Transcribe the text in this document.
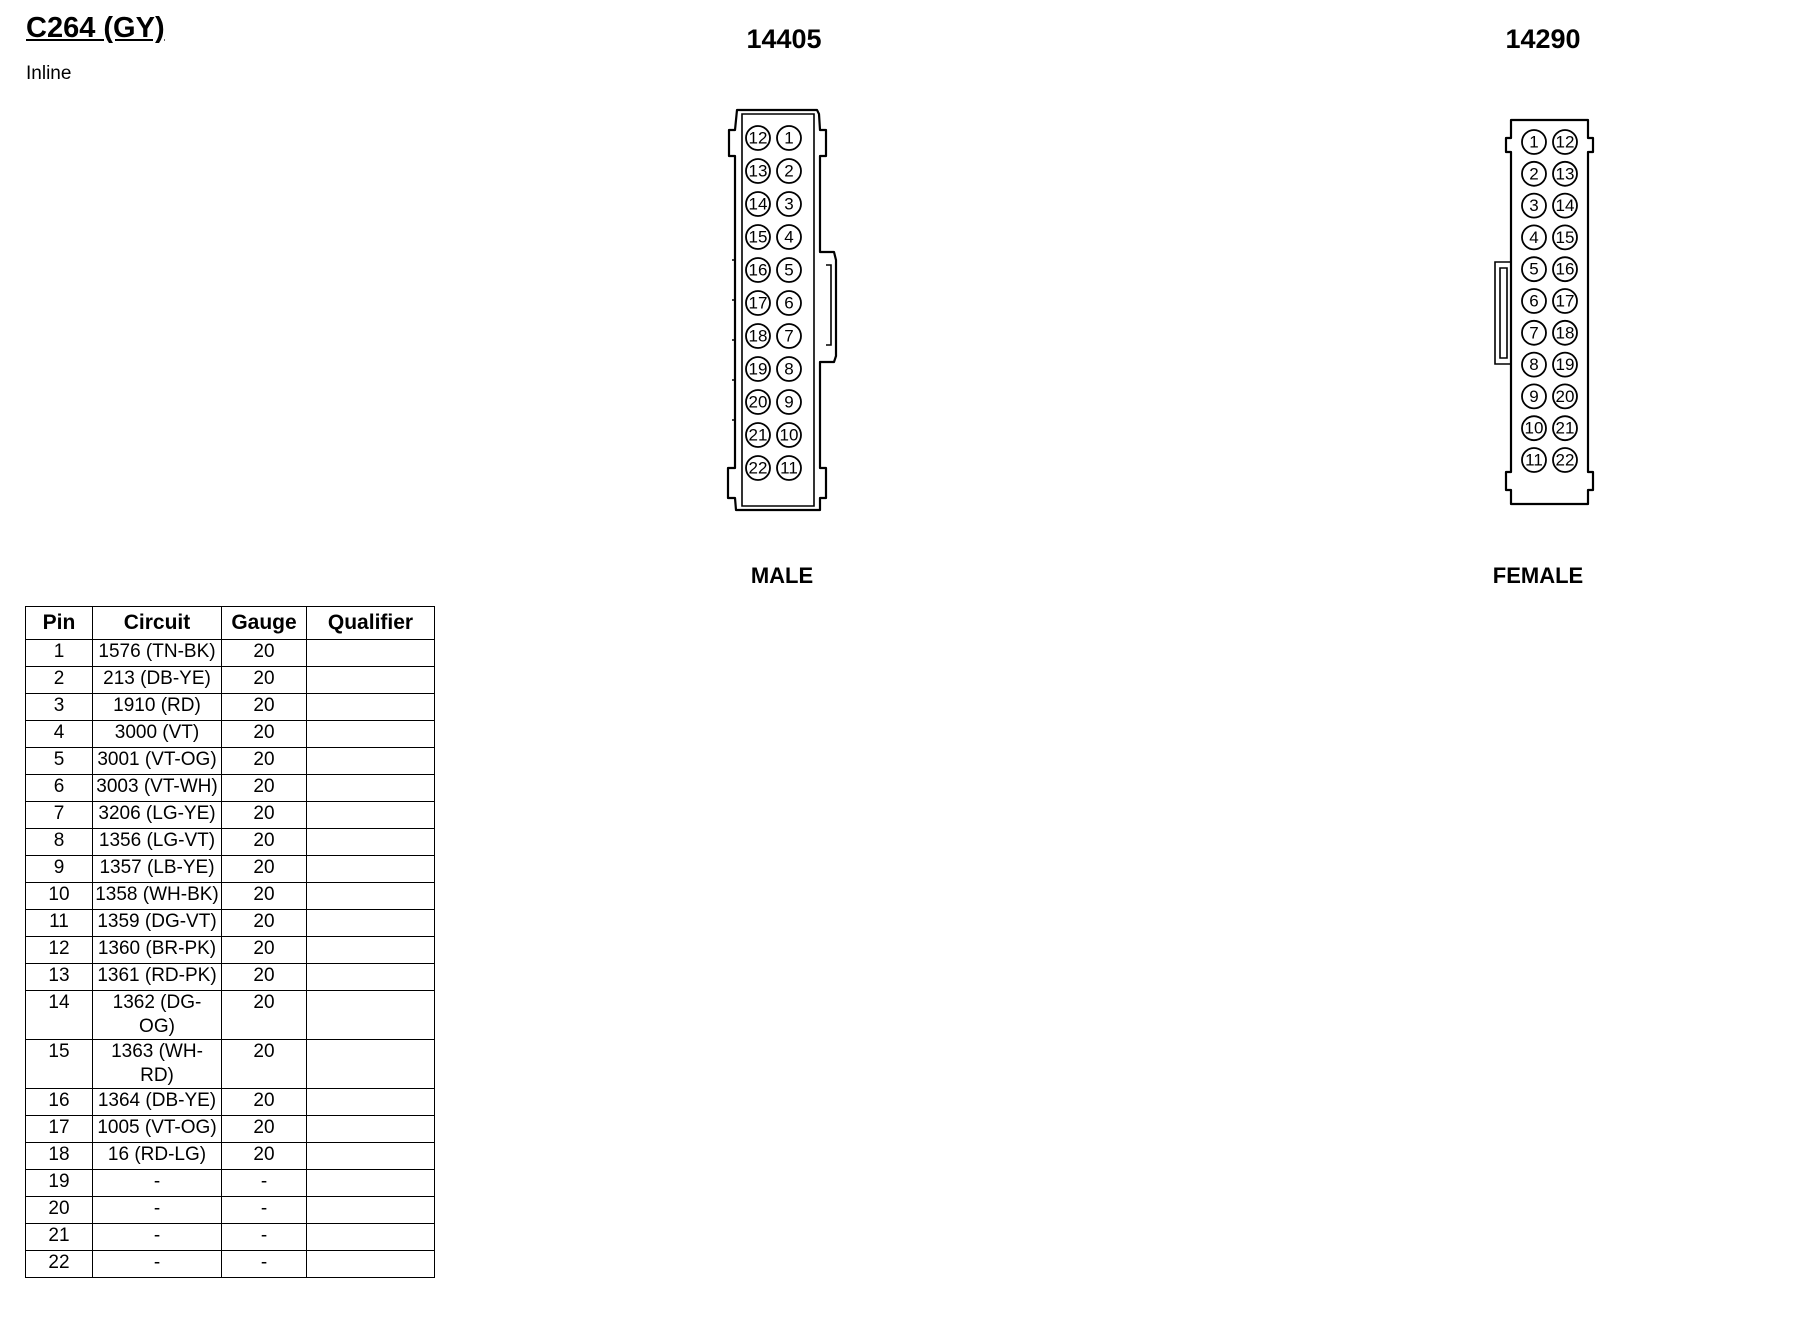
C264 (GY)
Inline
14405	14290
12
13
14
15
16
17
18
19
20
21
22
1
2
3
4
5
6
7
8
9
10
11
1
2
3
4
5
6
7
8
9
10
11
12
13
14
15
16
17
18
19
20
21
22
MALE	FEMALE
Pin	Circuit	Gauge	Qualifier
1	1576 (TN-BK)	20	
2	213 (DB-YE)	20	
3	1910 (RD)	20	
4	3000 (VT)	20	
5	3001 (VT-OG)	20	
6	3003 (VT-WH)	20	
7	3206 (LG-YE)	20	
8	1356 (LG-VT)	20	
9	1357 (LB-YE)	20	
10	1358 (WH-BK)	20	
11	1359 (DG-VT)	20	
12	1360 (BR-PK)	20	
13	1361 (RD-PK)	20	
14	1362 (DG-OG)	20	
15	1363 (WH-RD)	20	
16	1364 (DB-YE)	20	
17	1005 (VT-OG)	20	
18	16 (RD-LG)	20	
19	-	-	
20	-	-	
21	-	-	
22	-	-	
